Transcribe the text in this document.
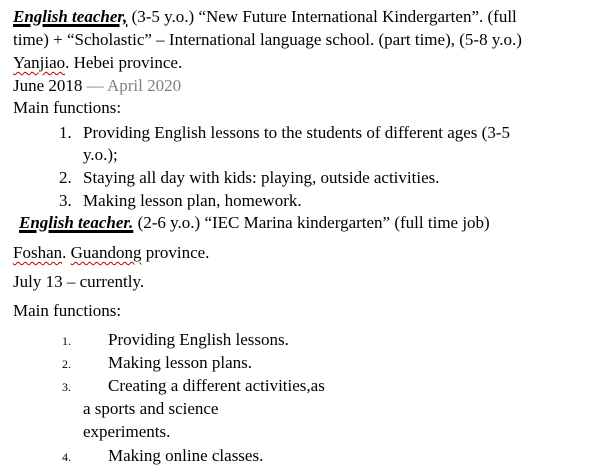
English teacher, (3-5 y.o.) “New Future International Kindergarten”. (full
time) + “Scholastic” – International language school. (part time), (5-8 y.o.)
Yanjiao. Hebei province.
June 2018 — April 2020
Main functions:
1. Providing English lessons to the students of different ages (3-5
y.o.);
2. Staying all day with kids: playing, outside activities.
3. Making lesson plan, homework.
English teacher. (2-6 y.o.) “IEC Marina kindergarten” (full time job)
Foshan. Guandong province.
July 13 – currently.
Main functions:
1. Providing English lessons.
2. Making lesson plans.
3. Creating a different activities,as
a sports and science
experiments.
4. Making online classes.
